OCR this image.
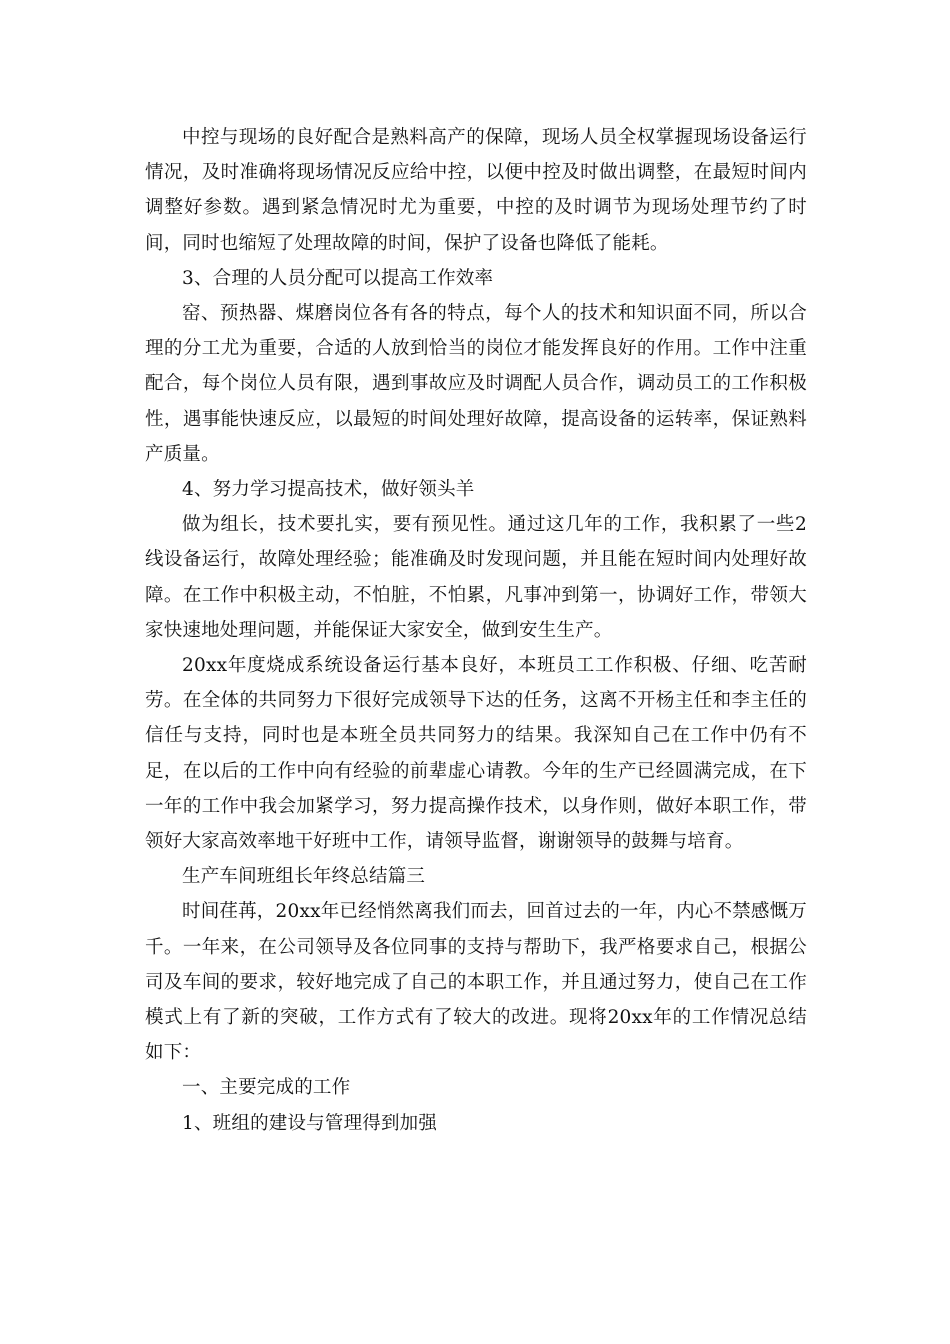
中控与现场的良好配合是熟料高产的保障，现场人员全权掌握现场设备运行情况，及时准确将现场情况反应给中控，以便中控及时做出调整，在最短时间内调整好参数。遇到紧急情况时尤为重要，中控的及时调节为现场处理节约了时间，同时也缩短了处理故障的时间，保护了设备也降低了能耗。

3、合理的人员分配可以提高工作效率

窑、预热器、煤磨岗位各有各的特点，每个人的技术和知识面不同，所以合理的分工尤为重要，合适的人放到恰当的岗位才能发挥良好的作用。工作中注重配合，每个岗位人员有限，遇到事故应及时调配人员合作，调动员工的工作积极性，遇事能快速反应，以最短的时间处理好故障，提高设备的运转率，保证熟料产质量。

4、努力学习提高技术，做好领头羊

做为组长，技术要扎实，要有预见性。通过这几年的工作，我积累了一些2线设备运行，故障处理经验；能准确及时发现问题，并且能在短时间内处理好故障。在工作中积极主动，不怕脏，不怕累，凡事冲到第一，协调好工作，带领大家快速地处理问题，并能保证大家安全，做到安生生产。

20xx年度烧成系统设备运行基本良好，本班员工工作积极、仔细、吃苦耐劳。在全体的共同努力下很好完成领导下达的任务，这离不开杨主任和李主任的信任与支持，同时也是本班全员共同努力的结果。我深知自己在工作中仍有不足，在以后的工作中向有经验的前辈虚心请教。今年的生产已经圆满完成，在下一年的工作中我会加紧学习，努力提高操作技术，以身作则，做好本职工作，带领好大家高效率地干好班中工作，请领导监督，谢谢领导的鼓舞与培育。

生产车间班组长年终总结篇三

时间荏苒，20xx年已经悄然离我们而去，回首过去的一年，内心不禁感慨万千。一年来，在公司领导及各位同事的支持与帮助下，我严格要求自己，根据公司及车间的要求，较好地完成了自己的本职工作，并且通过努力，使自己在工作模式上有了新的突破，工作方式有了较大的改进。现将20xx年的工作情况总结如下：

一、主要完成的工作

1、班组的建设与管理得到加强
